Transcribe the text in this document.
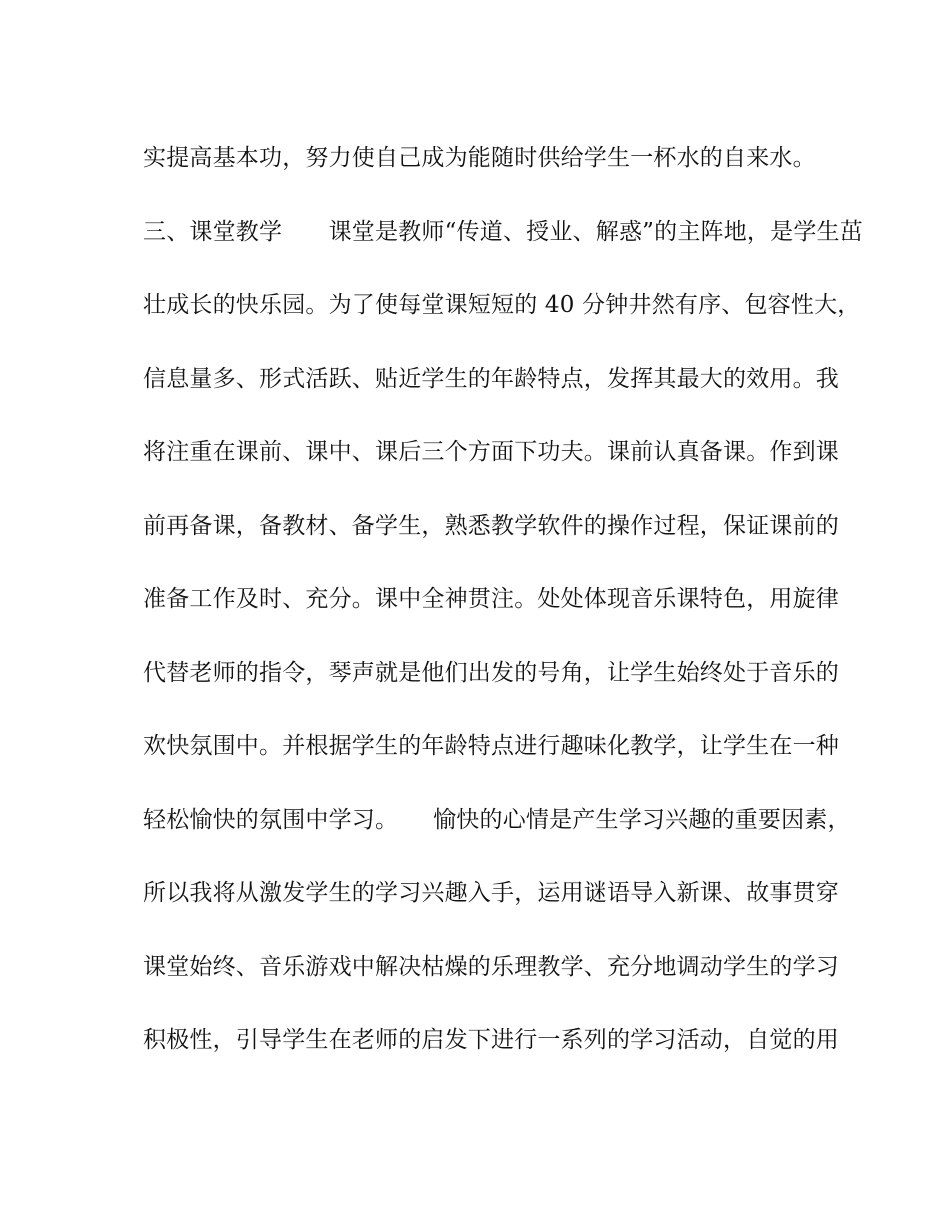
实提高基本功，努力使自己成为能随时供给学生一杯水的自来水。
三、课堂教学　　课堂是教师“传道、授业、解惑”的主阵地，是学生茁
壮成长的快乐园。为了使每堂课短短的 40 分钟井然有序、包容性大，
信息量多、形式活跃、贴近学生的年龄特点，发挥其最大的效用。我
将注重在课前、课中、课后三个方面下功夫。课前认真备课。作到课
前再备课，备教材、备学生，熟悉教学软件的操作过程，保证课前的
准备工作及时、充分。课中全神贯注。处处体现音乐课特色，用旋律
代替老师的指令，琴声就是他们出发的号角，让学生始终处于音乐的
欢快氛围中。并根据学生的年龄特点进行趣味化教学，让学生在一种
轻松愉快的氛围中学习。　　愉快的心情是产生学习兴趣的重要因素，
所以我将从激发学生的学习兴趣入手，运用谜语导入新课、故事贯穿
课堂始终、音乐游戏中解决枯燥的乐理教学、充分地调动学生的学习
积极性，引导学生在老师的启发下进行一系列的学习活动，自觉的用
